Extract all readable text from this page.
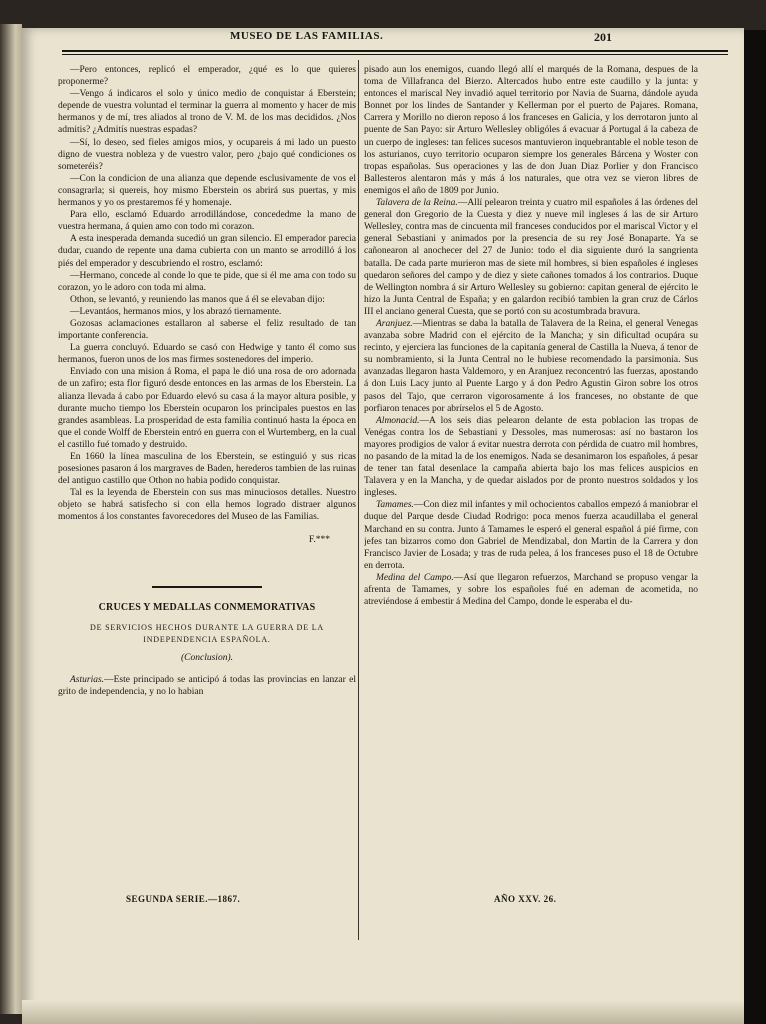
MUSEO DE LAS FAMILIAS.	201

—Pero entonces, replicó el emperador, ¿qué es lo que quieres proponerme?

—Vengo á indicaros el solo y único medio de conquistar á Eberstein; depende de vuestra voluntad el terminar la guerra al momento y hacer de mis hermanos y de mí, tres aliados al trono de V. M. de los mas decididos. ¿Nos admitis? ¿Admitís nuestras espadas?

—Sí, lo deseo, sed fieles amigos mios, y ocupareis á mi lado un puesto digno de vuestra nobleza y de vuestro valor, pero ¿bajo qué condiciones os someteréis?

—Con la condicion de una alianza que depende esclusivamente de vos el consagrarla; si quereis, hoy mismo Eberstein os abrirá sus puertas, y mis hermanos y yo os prestaremos fé y homenaje.

Para ello, esclamó Eduardo arrodillándose, concededme la mano de vuestra hermana, á quien amo con todo mi corazon.

A esta inesperada demanda sucedió un gran silencio. El emperador parecia dudar, cuando de repente una dama cubierta con un manto se arrodilló á los piés del emperador y descubriendo el rostro, esclamó:

—Hermano, concede al conde lo que te pide, que si él me ama con todo su corazon, yo le adoro con toda mi alma.

Othon, se levantó, y reuniendo las manos que á él se elevaban dijo:

—Levantáos, hermanos mios, y los abrazó tiernamente.

Gozosas aclamaciones estallaron al saberse el feliz resultado de tan importante conferencia.

La guerra concluyó. Eduardo se casó con Hedwige y tanto él como sus hermanos, fueron unos de los mas firmes sostenedores del imperio.

Enviado con una mision á Roma, el papa le dió una rosa de oro adornada de un zafiro; esta flor figuró desde entonces en las armas de los Eberstein. La alianza llevada á cabo por Eduardo elevó su casa á la mayor altura posible, y durante mucho tiempo los Eberstein ocuparon los principales puestos en las grandes asambleas. La prosperidad de esta familia continuó hasta la época en que el conde Wolff de Eberstein entró en guerra con el Wurtemberg, en la cual el castillo fué tomado y destruido.

En 1660 la línea masculina de los Eberstein, se estinguió y sus ricas posesiones pasaron á los margraves de Baden, herederos tambien de las ruinas del antiguo castillo que Othon no habia podido conquistar.

Tal es la leyenda de Eberstein con sus mas minuciosos detalles. Nuestro objeto se habrá satisfecho si con ella hemos logrado distraer algunos momentos á los constantes favorecedores del Museo de las Familias.

F.***

CRUCES Y MEDALLAS CONMEMORATIVAS

DE SERVICIOS HECHOS DURANTE LA GUERRA DE LA INDEPENDENCIA ESPAÑOLA.

(Conclusion).

Asturias.—Este principado se anticipó á todas las provincias en lanzar el grito de independencia, y no lo habian

pisado aun los enemigos, cuando llegó allí el marqués de la Romana, despues de la toma de Villafranca del Bierzo. Altercados hubo entre este caudillo y la junta: y entonces el mariscal Ney invadió aquel territorio por Navia de Suarna, dándole ayuda Bonnet por los lindes de Santander y Kellerman por el puerto de Pajares. Romana, Carrera y Morillo no dieron reposo á los franceses en Galicia, y los derrotaron junto al puente de San Payo: sir Arturo Wellesley obligóles á evacuar á Portugal á la cabeza de un cuerpo de ingleses: tan felices sucesos mantuvieron inquebrantable el noble teson de los asturianos, cuyo territorio ocuparon siempre los generales Bárcena y Woster con tropas españolas. Sus operaciones y las de don Juan Diaz Porlier y don Francisco Ballesteros alentaron más y más á los naturales, que otra vez se vieron libres de enemigos el año de 1809 por Junio.

Talavera de la Reina.—Allí pelearon treinta y cuatro mil españoles á las órdenes del general don Gregorio de la Cuesta y diez y nueve mil ingleses á las de sir Arturo Wellesley, contra mas de cincuenta mil franceses conducidos por el mariscal Victor y el general Sebastiani y animados por la presencia de su rey José Bonaparte. Ya se cañonearon al anochecer del 27 de Junio: todo el dia siguiente duró la sangrienta batalla. De cada parte murieron mas de siete mil hombres, si bien españoles é ingleses quedaron señores del campo y de diez y siete cañones tomados á los contrarios. Duque de Wellington nombra á sir Arturo Wellesley su gobierno: capitan general de ejército le hizo la Junta Central de España; y en galardon recibió tambien la gran cruz de Cárlos III el anciano general Cuesta, que se portó con su acostumbrada bravura.

Aranjuez.—Mientras se daba la batalla de Talavera de la Reina, el general Venegas avanzaba sobre Madrid con el ejército de la Mancha; y sin dificultad ocupára su recinto, y ejerciera las funciones de la capitanía general de Castilla la Nueva, á tenor de su nombramiento, si la Junta Central no le hubiese recomendado la parsimonia. Sus avanzadas llegaron hasta Valdemoro, y en Aranjuez reconcentró las fuerzas, apostando á don Luis Lacy junto al Puente Largo y á don Pedro Agustin Giron sobre los otros pasos del Tajo, que cerraron vigorosamente á los franceses, no obstante de que porfiaron tenaces por abrírselos el 5 de Agosto.

Almonacid.—A los seis dias pelearon delante de esta poblacion las tropas de Venégas contra los de Sebastiani y Dessoles, mas numerosas: así no bastaron los mayores prodigios de valor á evitar nuestra derrota con pérdida de cuatro mil hombres, no pasando de la mitad la de los enemigos. Nada se desanimaron los españoles, á pesar de tener tan fatal desenlace la campaña abierta bajo los mas felices auspicios en Talavera y en la Mancha, y de quedar aislados por de pronto nuestros soldados y los ingleses.

Tamames.—Con diez mil infantes y mil ochocientos caballos empezó á maniobrar el duque del Parque desde Ciudad Rodrigo: poca menos fuerza acaudillaba el general Marchand en su contra. Junto á Tamames le esperó el general español á pié firme, con jefes tan bizarros como don Gabriel de Mendizabal, don Martin de la Carrera y don Francisco Javier de Losada; y tras de ruda pelea, á los franceses puso el 18 de Octubre en derrota.

Medina del Campo.—Así que llegaron refuerzos, Marchand se propuso vengar la afrenta de Tamames, y sobre los españoles fué en ademan de acometida, no atreviéndose á embestir á Medina del Campo, donde le esperaba el du-

SEGUNDA SERIE.—1867.	AÑO XXV. 26.
